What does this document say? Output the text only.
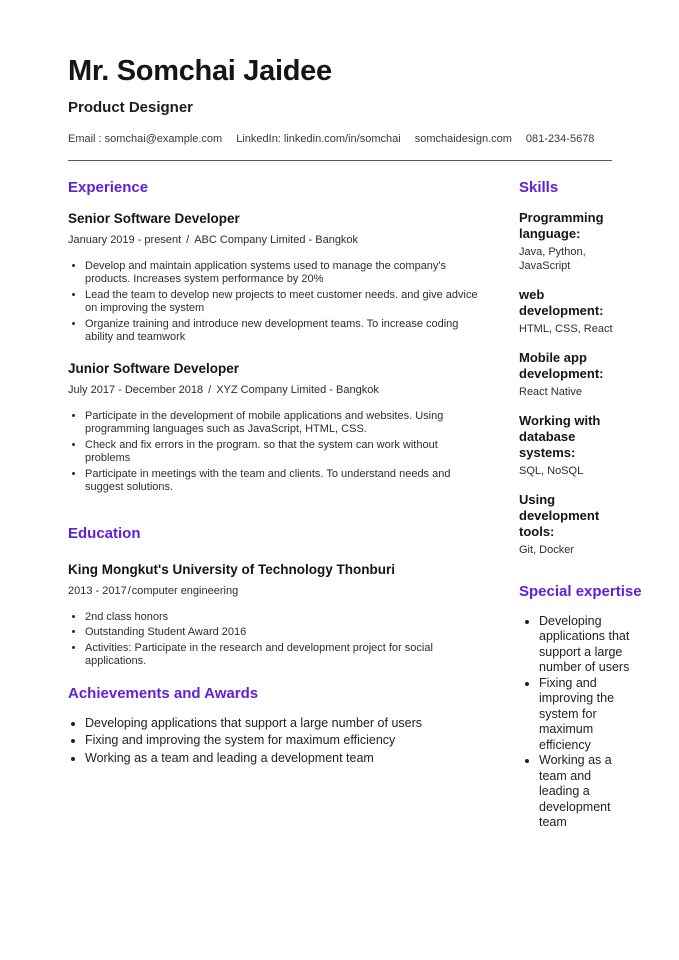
Mr. Somchai Jaidee
Product Designer
Email : somchai@example.com LinkedIn: linkedin.com/in/somchai somchaidesign.com 081-234-5678
Experience
Senior Software Developer
January 2019 - present / ABC Company Limited - Bangkok
• Develop and maintain application systems used to manage the company's products. Increases system performance by 20%
• Lead the team to develop new projects to meet customer needs. and give advice on improving the system
• Organize training and introduce new development teams. To increase coding ability and teamwork
Junior Software Developer
July 2017 - December 2018 / XYZ Company Limited - Bangkok
• Participate in the development of mobile applications and websites. Using programming languages such as JavaScript, HTML, CSS.
• Check and fix errors in the program. so that the system can work without problems
• Participate in meetings with the team and clients. To understand needs and suggest solutions.
Education
King Mongkut's University of Technology Thonburi
2013 - 2017/computer engineering
• 2nd class honors
• Outstanding Student Award 2016
• Activities: Participate in the research and development project for social applications.
Achievements and Awards
• Developing applications that support a large number of users
• Fixing and improving the system for maximum efficiency
• Working as a team and leading a development team
Skills
Programming language:
Java, Python, JavaScript
web development:
HTML, CSS, React
Mobile app development:
React Native
Working with database systems:
SQL, NoSQL
Using development tools:
Git, Docker
Special expertise
• Developing applications that support a large number of users
• Fixing and improving the system for maximum efficiency
• Working as a team and leading a development team
